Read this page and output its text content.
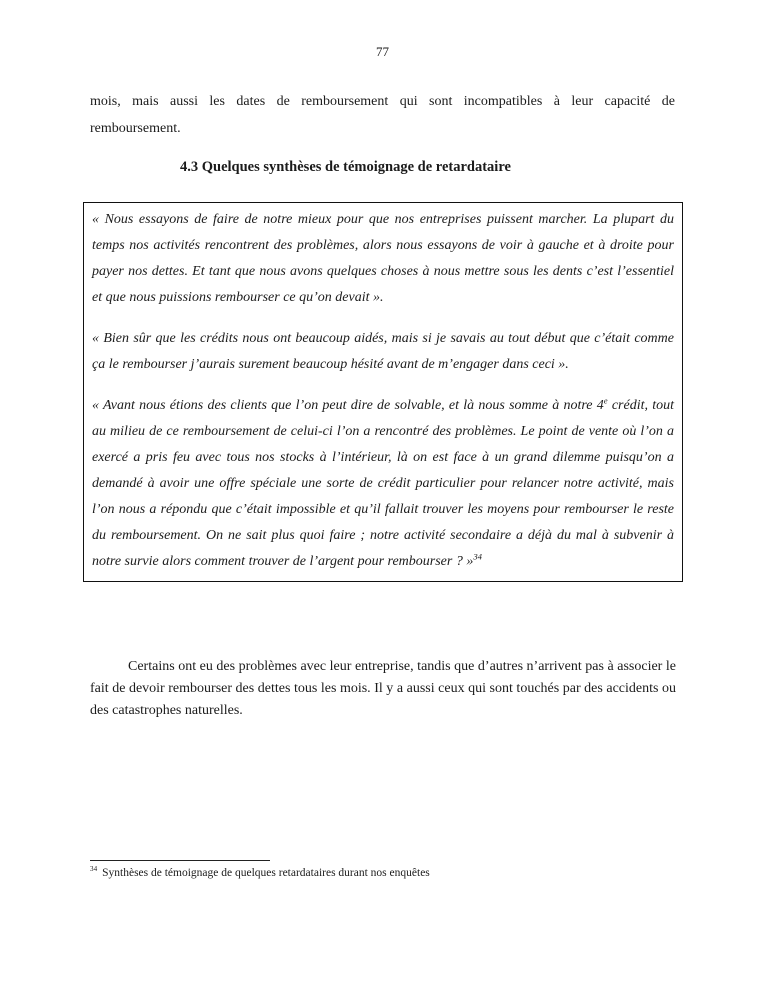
77

mois, mais aussi les dates de remboursement qui sont incompatibles à leur capacité de remboursement.

4.3 Quelques synthèses de témoignage de retardataire

« Nous essayons de faire de notre mieux pour que nos entreprises puissent marcher. La plupart du temps nos activités rencontrent des problèmes, alors nous essayons de voir à gauche et à droite pour payer nos dettes. Et tant que nous avons quelques choses à nous mettre sous les dents c’est l’essentiel et que nous puissions rembourser ce qu’on devait ».

« Bien sûr que les crédits nous ont beaucoup aidés, mais si je savais au tout début que c’était comme ça le rembourser j’aurais surement beaucoup hésité avant de m’engager dans ceci ».

« Avant nous étions des clients que l’on peut dire de solvable, et là nous somme à notre 4e crédit, tout au milieu de ce remboursement de celui-ci l’on a rencontré des problèmes. Le point de vente où l’on a exercé a pris feu avec tous nos stocks à l’intérieur, là on est face à un grand dilemme puisqu’on a demandé à avoir une offre spéciale une sorte de crédit particulier pour relancer notre activité, mais l’on nous a répondu que c’était impossible et qu’il fallait trouver les moyens pour rembourser le reste du remboursement. On ne sait plus quoi faire ; notre activité secondaire a déjà du mal à subvenir à notre survie alors comment trouver de l’argent pour rembourser ? »$^{34}$

Certains ont eu des problèmes avec leur entreprise, tandis que d’autres n’arrivent pas à associer le fait de devoir rembourser des dettes tous les mois. Il y a aussi ceux qui sont touchés par des accidents ou des catastrophes naturelles.

$^{34}$ Synthèses de témoignage de quelques retardataires durant nos enquêtes
